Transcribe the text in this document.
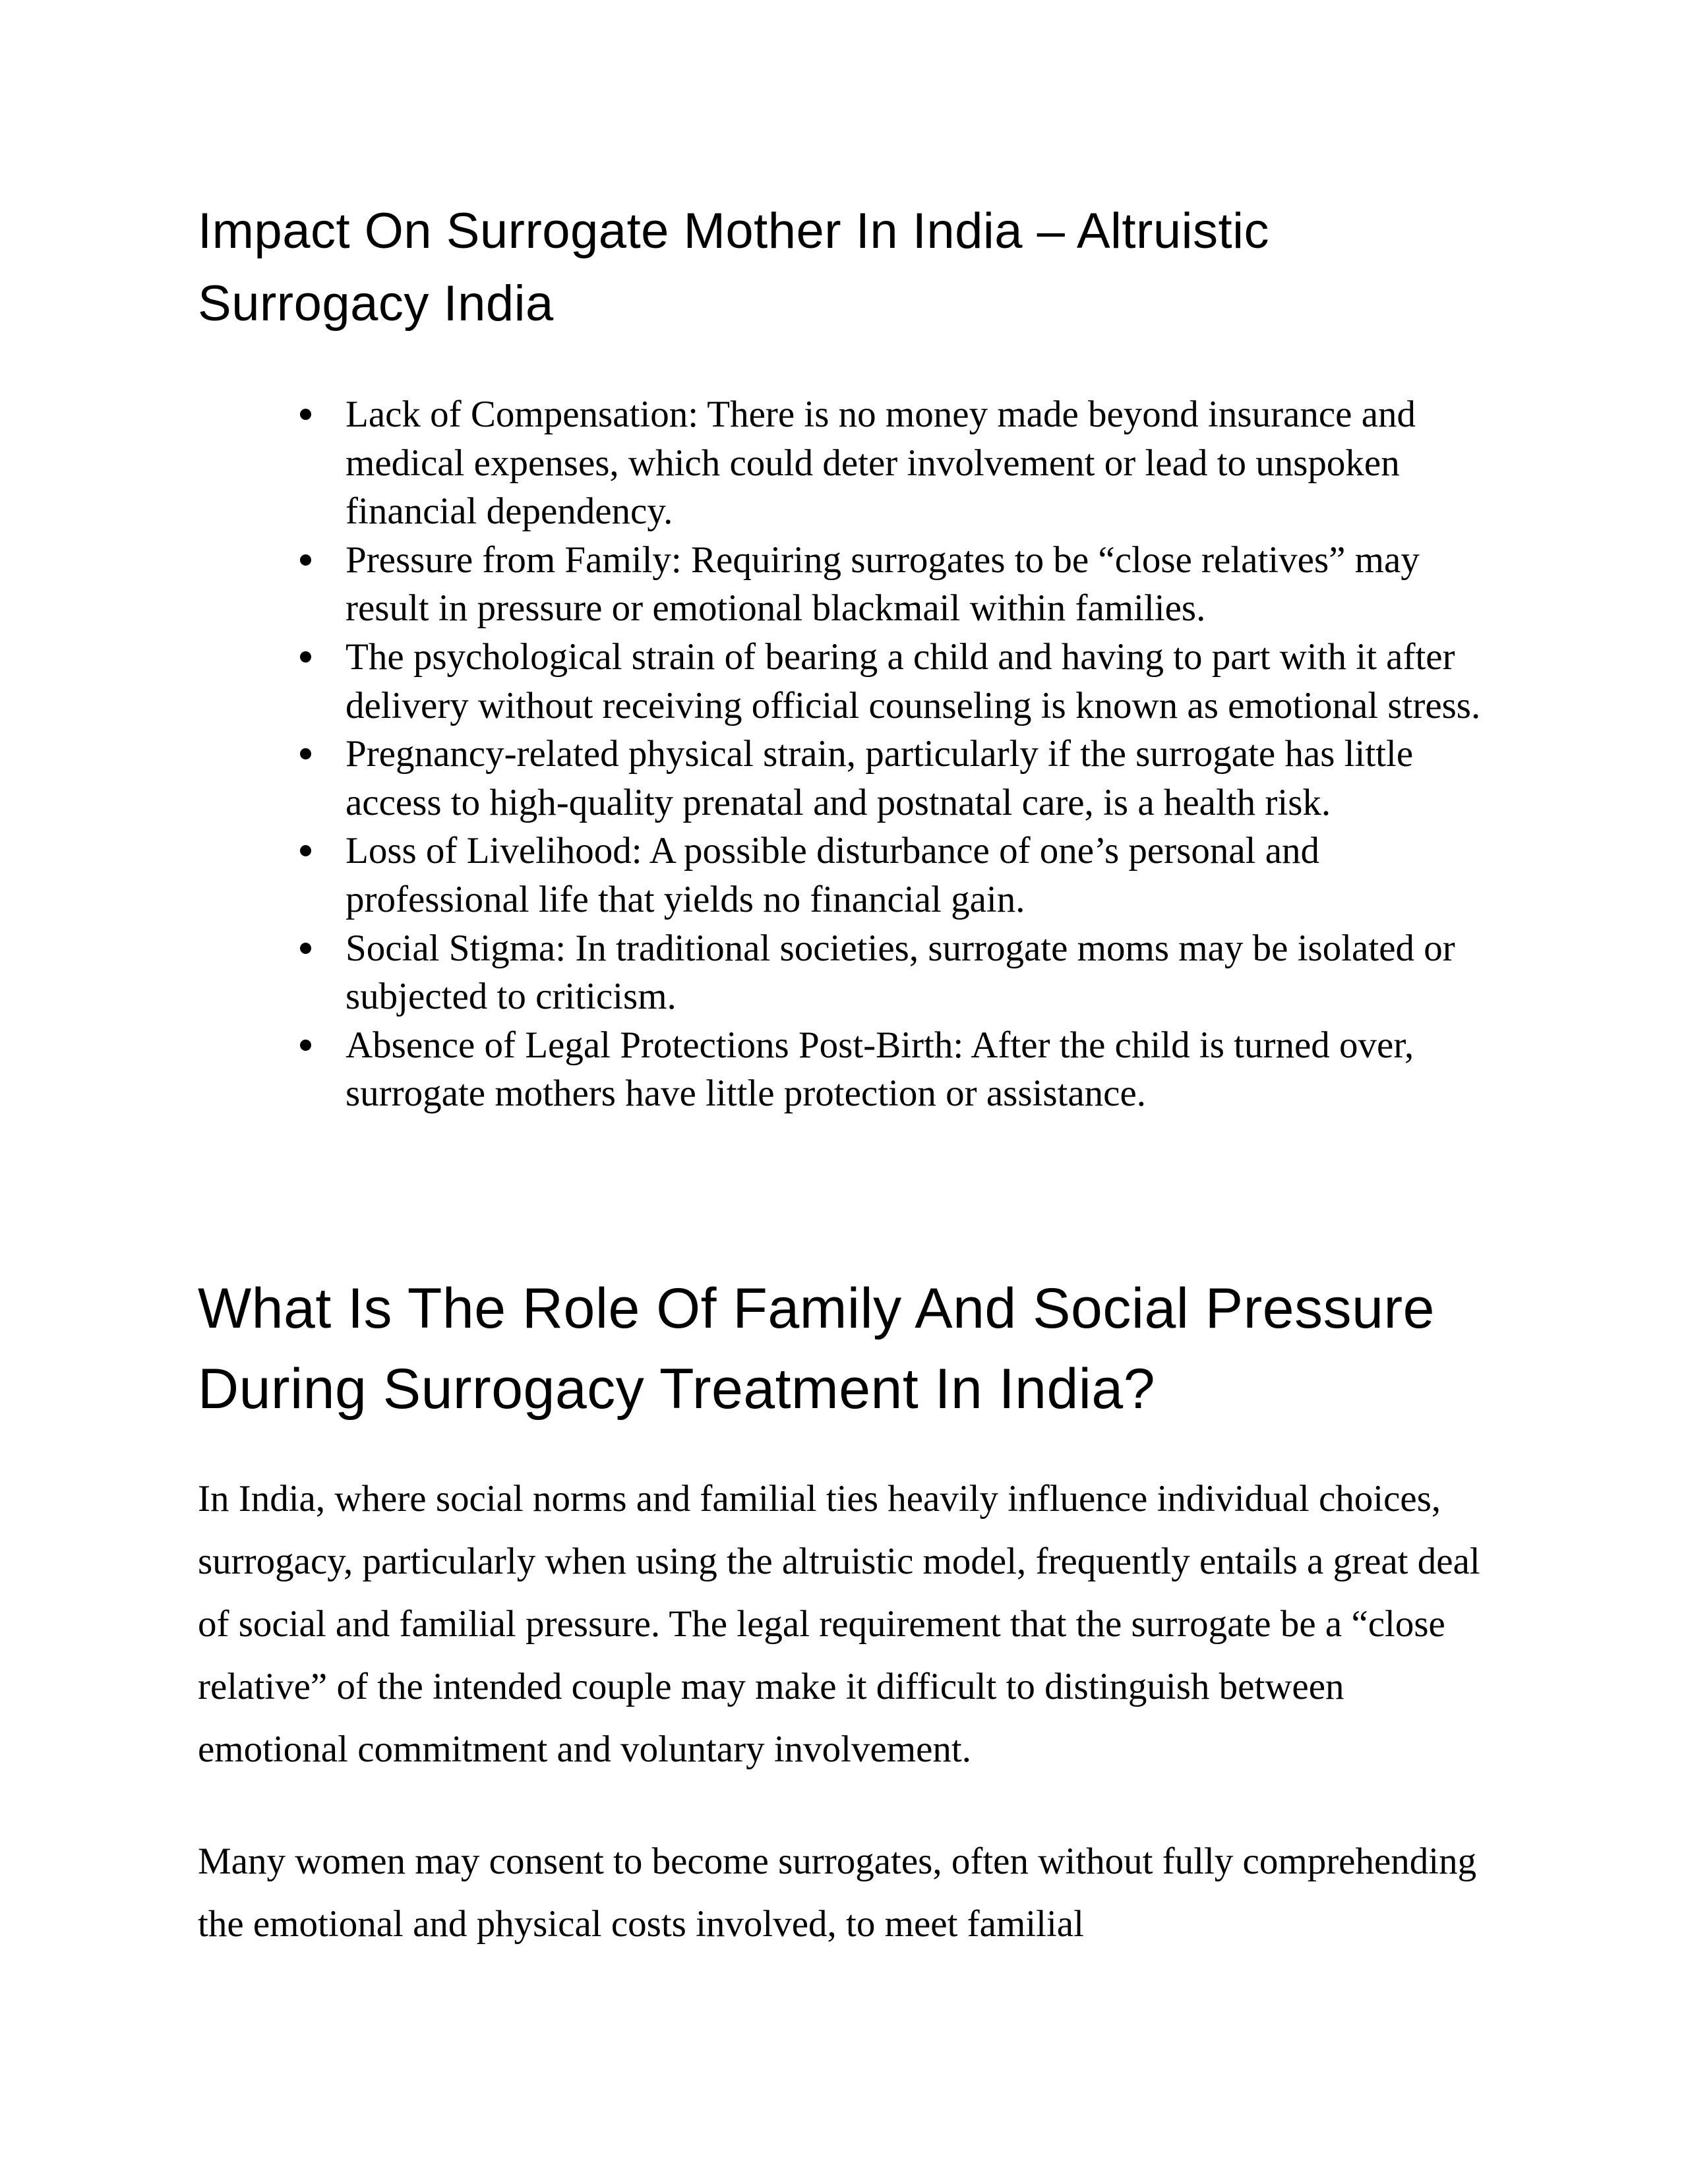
Impact On Surrogate Mother In India – Altruistic Surrogacy India
Lack of Compensation: There is no money made beyond insurance and medical expenses, which could deter involvement or lead to unspoken financial dependency.
Pressure from Family: Requiring surrogates to be “close relatives” may result in pressure or emotional blackmail within families.
The psychological strain of bearing a child and having to part with it after delivery without receiving official counseling is known as emotional stress.
Pregnancy-related physical strain, particularly if the surrogate has little access to high-quality prenatal and postnatal care, is a health risk.
Loss of Livelihood: A possible disturbance of one’s personal and professional life that yields no financial gain.
Social Stigma: In traditional societies, surrogate moms may be isolated or subjected to criticism.
Absence of Legal Protections Post-Birth: After the child is turned over, surrogate mothers have little protection or assistance.
What Is The Role Of Family And Social Pressure During Surrogacy Treatment In India?

In India, where social norms and familial ties heavily influence individual choices, surrogacy, particularly when using the altruistic model, frequently entails a great deal of social and familial pressure. The legal requirement that the surrogate be a “close relative” of the intended couple may make it difficult to distinguish between emotional commitment and voluntary involvement.

Many women may consent to become surrogates, often without fully comprehending the emotional and physical costs involved, to meet familial
